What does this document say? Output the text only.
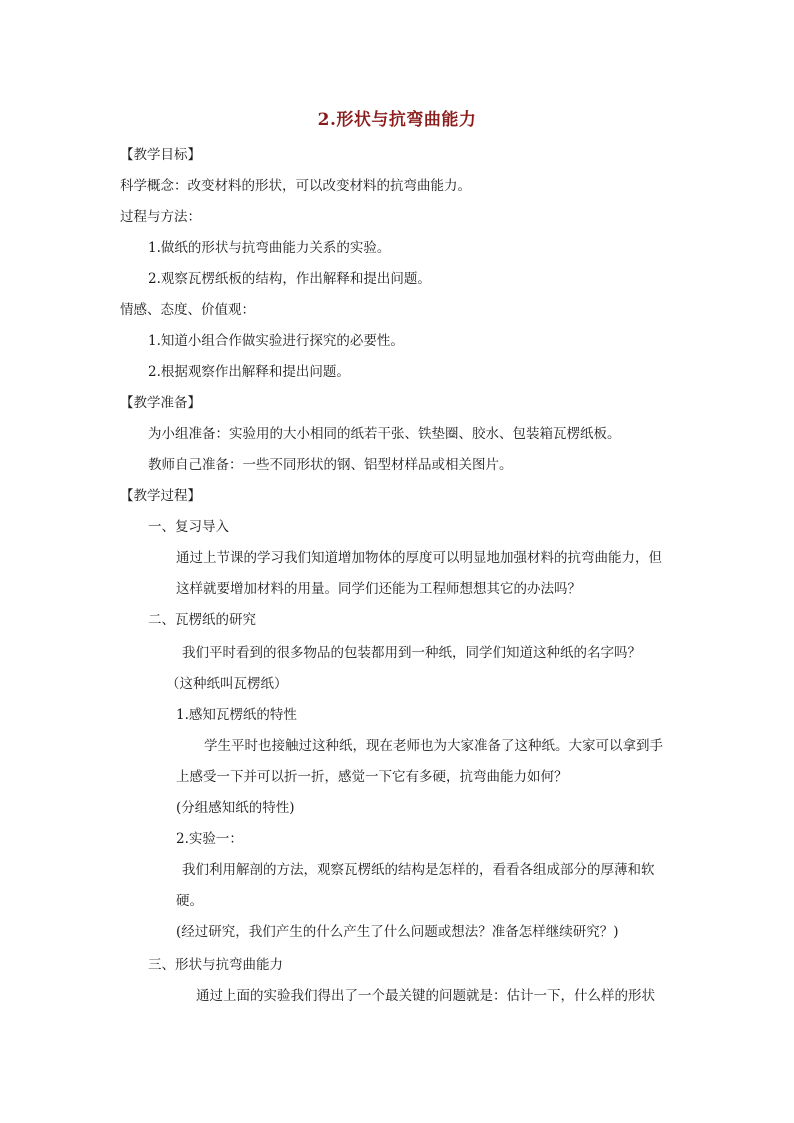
2.形状与抗弯曲能力
【教学目标】
科学概念：改变材料的形状，可以改变材料的抗弯曲能力。
过程与方法：
1.做纸的形状与抗弯曲能力关系的实验。
2.观察瓦楞纸板的结构，作出解释和提出问题。
情感、态度、价值观：
1.知道小组合作做实验进行探究的必要性。
2.根据观察作出解释和提出问题。
【教学准备】
为小组准备：实验用的大小相同的纸若干张、铁垫圈、胶水、包装箱瓦楞纸板。
教师自己准备：一些不同形状的钢、铝型材样品或相关图片。
【教学过程】
一、复习导入
通过上节课的学习我们知道增加物体的厚度可以明显地加强材料的抗弯曲能力，但
这样就要增加材料的用量。同学们还能为工程师想想其它的办法吗？
二、瓦楞纸的研究
我们平时看到的很多物品的包装都用到一种纸，同学们知道这种纸的名字吗？
（这种纸叫瓦楞纸）
1.感知瓦楞纸的特性
学生平时也接触过这种纸，现在老师也为大家准备了这种纸。大家可以拿到手
上感受一下并可以折一折，感觉一下它有多硬，抗弯曲能力如何？
(分组感知纸的特性)
2.实验一：
我们利用解剖的方法，观察瓦楞纸的结构是怎样的，看看各组成部分的厚薄和软
硬。
(经过研究，我们产生的什么产生了什么问题或想法？准备怎样继续研究？)
三、形状与抗弯曲能力
通过上面的实验我们得出了一个最关键的问题就是：估计一下，什么样的形状
